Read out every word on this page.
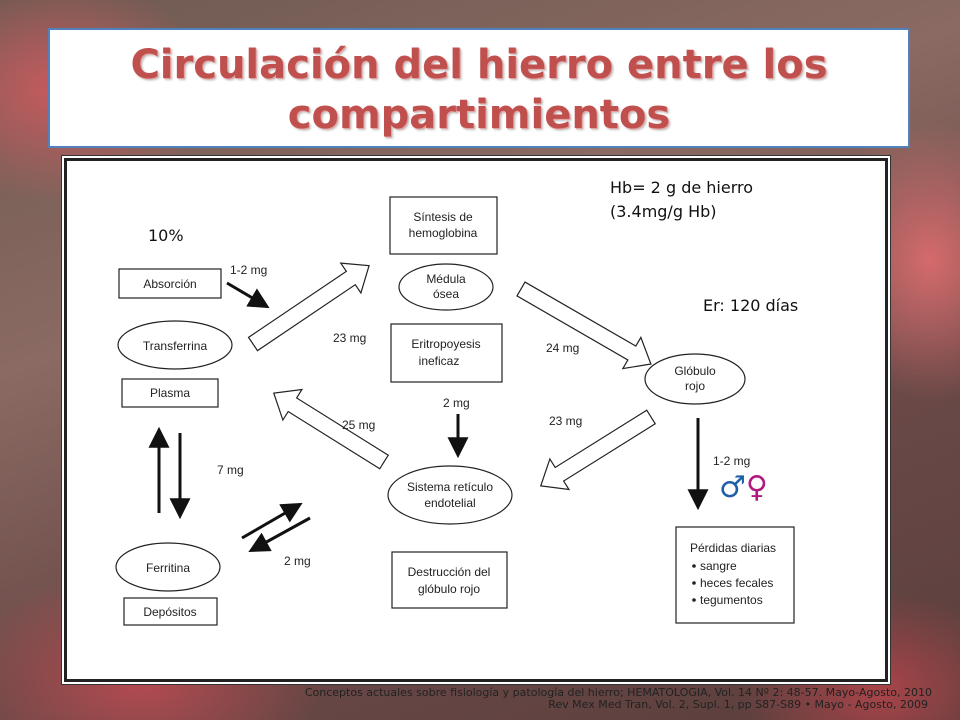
Circulación del hierro entre los
compartimientos
Síntesis de
hemoglobina
Médula
ósea
Eritropoyesis
ineficaz
Absorción
Transferrina
Plasma
Glóbulo
rojo
Sistema retículo
endotelial
Ferritina
Depósitos
Destrucción del
glóbulo rojo
Pérdidas diarias
sangre
heces fecales
tegumentos
23 mg
24 mg
23 mg
25 mg
1-2 mg
2 mg
7 mg
2 mg
1-2 mg
♂♀
Hb= 2 g de hierro
(3.4mg/g Hb)
10%
Er: 120 días
Conceptos actuales sobre fisiología y patología del hierro; HEMATOLOGIA, Vol. 14 Nº 2: 48-57. Mayo-Agosto, 2010
Rev Mex Med Tran, Vol. 2, Supl. 1, pp S87-S89 • Mayo - Agosto, 2009
